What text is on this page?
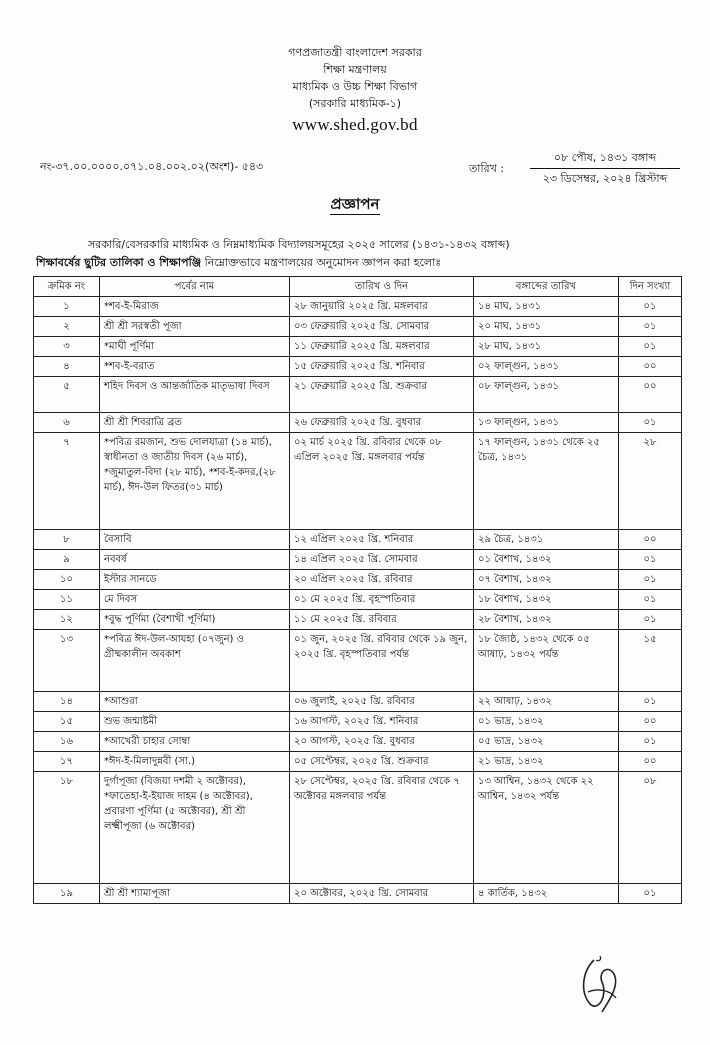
গণপ্রজাতন্ত্রী বাংলাদেশ সরকার
শিক্ষা মন্ত্রণালয়
মাধ্যমিক ও উচ্চ শিক্ষা বিভাগ
(সরকারি মাধ্যমিক-১)
www.shed.gov.bd
নং-৩৭.০০.০০০০.০৭১.০৪.০০২.০২(অংশ)- ৫৪৩	তারিখ :
০৮ পৌষ, ১৪৩১ বঙ্গাব্দ
২৩ ডিসেম্বর, ২০২৪ খ্রিস্টাব্দ
প্রজ্ঞাপন

সরকারি/বেসরকারি মাধ্যমিক ও নিম্নমাধ্যমিক বিদ্যালয়সমূহের ২০২৫ সালের (১৪৩১-১৪৩২ বঙ্গাব্দ)

শিক্ষাবর্ষের ছুটির তালিকা ও শিক্ষাপঞ্জি নিম্নোক্তভাবে মন্ত্রণালয়ের অনুমোদন জ্ঞাপন করা হলোঃ

ক্রমিক নং	পর্বের নাম	তারিখ ও দিন	বঙ্গাব্দের তারিখ	দিন সংখ্যা
১	*শব-ই-মিরাজ	২৮ জানুয়ারি ২০২৫ খ্রি. মঙ্গলবার	১৪ মাঘ, ১৪৩১	০১
২	শ্রী শ্রী সরস্বতী পূজা	০৩ ফেব্রুয়ারি ২০২৫ খ্রি. সোমবার	২০ মাঘ, ১৪৩১	০১
৩	*মাঘী পূর্ণিমা	১১ ফেব্রুয়ারি ২০২৫ খ্রি. মঙ্গলবার	২৮ মাঘ, ১৪৩১	০১
৪	*শব-ই-বরাত	১৫ ফেব্রুয়ারি ২০২৫ খ্রি. শনিবার	০২ ফাল্গুন, ১৪৩১	০০
৫	শহিদ দিবস ও আন্তর্জাতিক মাতৃভাষা দিবস	২১ ফেব্রুয়ারি ২০২৫ খ্রি. শুক্রবার	০৮ ফাল্গুন, ১৪৩১	০০
৬	শ্রী শ্রী শিবরাত্রি ব্রত	২৬ ফেব্রুয়ারি ২০২৫ খ্রি. বুধবার	১৩ ফাল্গুন, ১৪৩১	০১
৭	*পবিত্র রমজান, শুভ দোলযাত্রা (১৪ মার্চ), স্বাধীনতা ও জাতীয় দিবস (২৬ মার্চ), *জুমাতুল-বিদা (২৮ মার্চ), *শব-ই-কদর,(২৮ মার্চ), ঈদ-উল ফিতর(৩১ মার্চ)	০২ মার্চ ২০২৫ খ্রি. রবিবার থেকে ০৮ এপ্রিল ২০২৫ খ্রি. মঙ্গলবার পর্যন্ত	১৭ ফাল্গুন, ১৪৩১ থেকে ২৫ চৈত্র, ১৪৩১	২৮
৮	বৈসাবি	১২ এপ্রিল ২০২৫ খ্রি. শনিবার	২৯ চৈত্র, ১৪৩১	০০
৯	নববর্ষ	১৪ এপ্রিল ২০২৫ খ্রি. সোমবার	০১ বৈশাখ, ১৪৩২	০১
১০	ইস্টার সানডে	২০ এপ্রিল ২০২৫ খ্রি. রবিবার	০৭ বৈশাখ, ১৪৩২	০১
১১	মে দিবস	০১ মে ২০২৫ খ্রি. বৃহস্পতিবার	১৮ বৈশাখ, ১৪৩২	০১
১২	*বুদ্ধ পূর্ণিমা (বৈশাখী পূর্ণিমা)	১১ মে ২০২৫ খ্রি. রবিবার	২৮ বৈশাখ, ১৪৩২	০১
১৩	*পবিত্র ঈদ-উল-আযহা (০৭জুন) ও গ্রীষ্মকালীন অবকাশ	০১ জুন, ২০২৫ খ্রি. রবিবার থেকে ১৯ জুন, ২০২৫ খ্রি. বৃহস্পতিবার পর্যন্ত	১৮ জ্যৈষ্ঠ, ১৪৩২ থেকে ০৫ আষাঢ়, ১৪৩২ পর্যন্ত	১৫
১৪	*আশুরা	০৬ জুলাই, ২০২৫ খ্রি. রবিবার	২২ আষাঢ়, ১৪৩২	০১
১৫	শুভ জন্মাষ্টমী	১৬ আগস্ট, ২০২৫ খ্রি. শনিবার	০১ ভাদ্র, ১৪৩২	০০
১৬	*আখেরী চাহার সোম্বা	২০ আগস্ট, ২০২৫ খ্রি. বুধবার	০৫ ভাদ্র, ১৪৩২	০১
১৭	*ঈদ-ই-মিলাদুন্নবী (সা.)	০৫ সেপ্টেম্বর, ২০২৫ খ্রি. শুক্রবার	২১ ভাদ্র, ১৪৩২	০০
১৮	দুর্গাপূজা (বিজয়া দশমী ২ অক্টোবর), *ফাতেহা-ই-ইয়াজ দাহম (৪ অক্টোবর), প্রবারণা পূর্ণিমা (৫ অক্টোবর), শ্রী শ্রী লক্ষ্মীপূজা (৬ অক্টোবর)	২৮ সেপ্টেম্বর, ২০২৫ খ্রি. রবিবার থেকে ৭ অক্টোবর মঙ্গলবার পর্যন্ত	১৩ আশ্বিন, ১৪৩২ থেকে ২২ আশ্বিন, ১৪৩২ পর্যন্ত	০৮
১৯	শ্রী শ্রী শ্যামাপূজা	২০ অক্টোবর, ২০২৫ খ্রি. সোমবার	৪ কার্তিক, ১৪৩২	০১
